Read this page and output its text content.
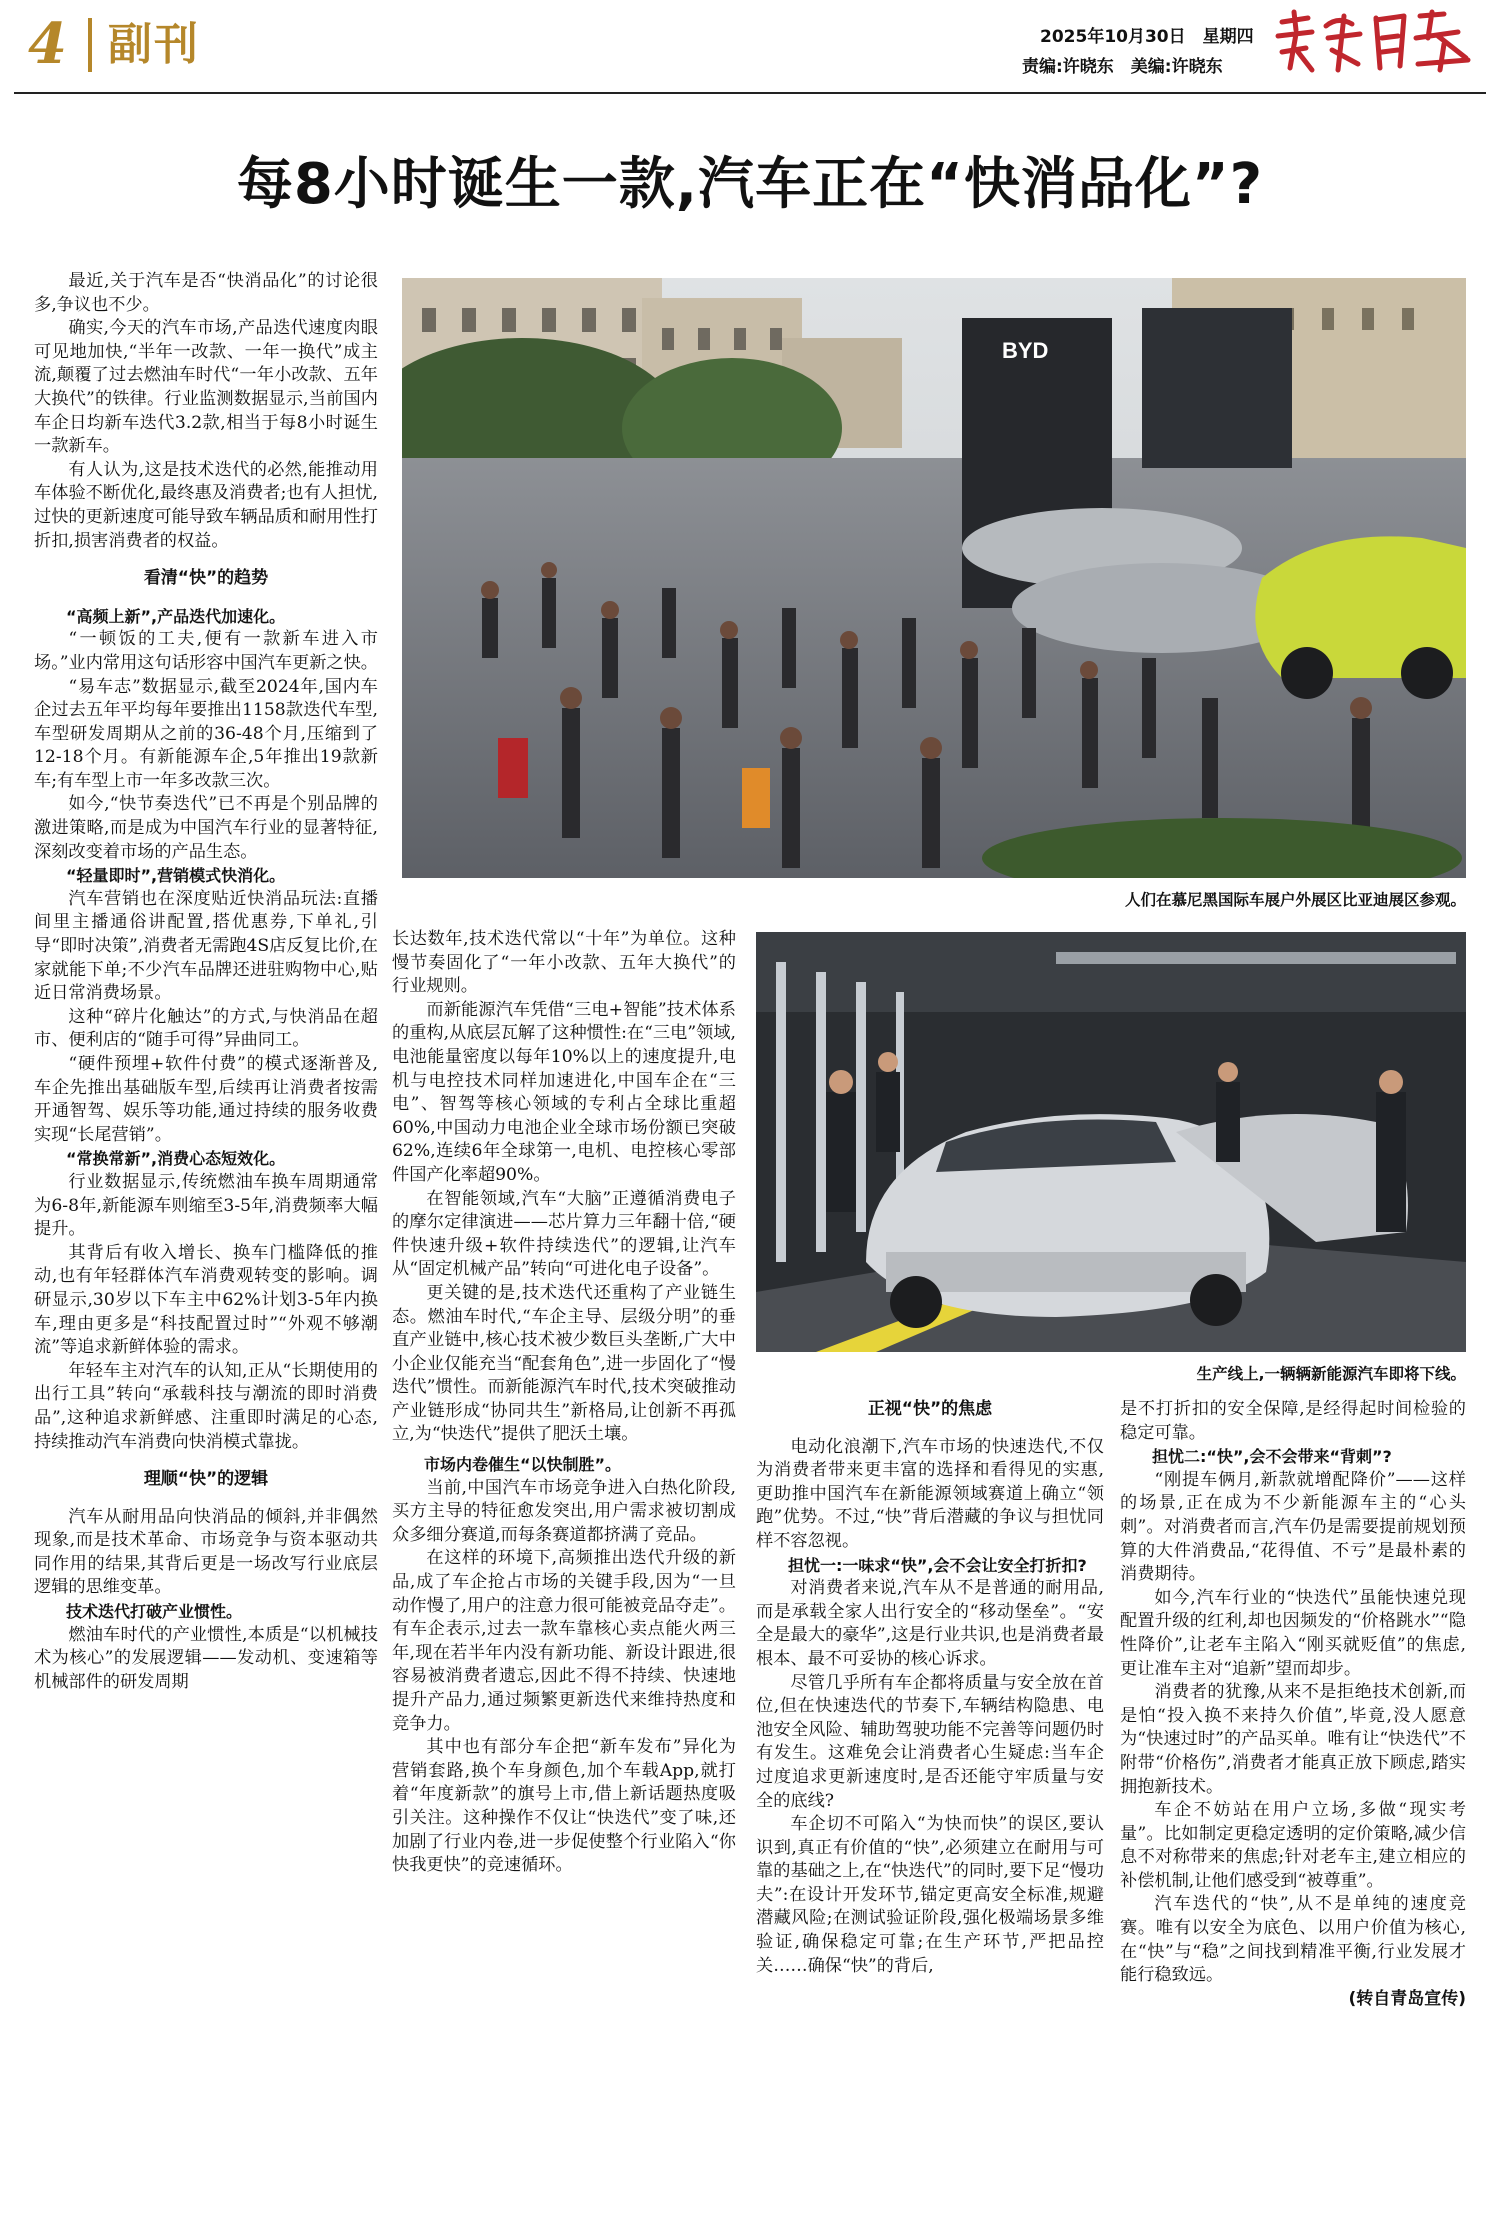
4 副刊	2025年10月30日　星期四
责编:许晓东　美编:许晓东
每8小时诞生一款,汽车正在“快消品化”?
BYD
人们在慕尼黑国际车展户外展区比亚迪展区参观。
生产线上,一辆辆新能源汽车即将下线。

最近,关于汽车是否“快消品化”的讨论很多,争议也不少。

确实,今天的汽车市场,产品迭代速度肉眼可见地加快,“半年一改款、一年一换代”成主流,颠覆了过去燃油车时代“一年小改款、五年大换代”的铁律。行业监测数据显示,当前国内车企日均新车迭代3.2款,相当于每8小时诞生一款新车。

有人认为,这是技术迭代的必然,能推动用车体验不断优化,最终惠及消费者;也有人担忧,过快的更新速度可能导致车辆品质和耐用性打折扣,损害消费者的权益。

看清“快”的趋势

“高频上新”,产品迭代加速化。

“一顿饭的工夫,便有一款新车进入市场。”业内常用这句话形容中国汽车更新之快。

“易车志”数据显示,截至2024年,国内车企过去五年平均每年要推出1158款迭代车型,车型研发周期从之前的36-48个月,压缩到了12-18个月。有新能源车企,5年推出19款新车;有车型上市一年多改款三次。

如今,“快节奏迭代”已不再是个别品牌的激进策略,而是成为中国汽车行业的显著特征,深刻改变着市场的产品生态。

“轻量即时”,营销模式快消化。

汽车营销也在深度贴近快消品玩法:直播间里主播通俗讲配置,搭优惠券,下单礼,引导“即时决策”,消费者无需跑4S店反复比价,在家就能下单;不少汽车品牌还进驻购物中心,贴近日常消费场景。

这种“碎片化触达”的方式,与快消品在超市、便利店的“随手可得”异曲同工。

“硬件预埋+软件付费”的模式逐渐普及,车企先推出基础版车型,后续再让消费者按需开通智驾、娱乐等功能,通过持续的服务收费实现“长尾营销”。

“常换常新”,消费心态短效化。

行业数据显示,传统燃油车换车周期通常为6-8年,新能源车则缩至3-5年,消费频率大幅提升。

其背后有收入增长、换车门槛降低的推动,也有年轻群体汽车消费观转变的影响。调研显示,30岁以下车主中62%计划3-5年内换车,理由更多是“科技配置过时”“外观不够潮流”等追求新鲜体验的需求。

年轻车主对汽车的认知,正从“长期使用的出行工具”转向“承载科技与潮流的即时消费品”,这种追求新鲜感、注重即时满足的心态,持续推动汽车消费向快消模式靠拢。

理顺“快”的逻辑

汽车从耐用品向快消品的倾斜,并非偶然现象,而是技术革命、市场竞争与资本驱动共同作用的结果,其背后更是一场改写行业底层逻辑的思维变革。

技术迭代打破产业惯性。

燃油车时代的产业惯性,本质是“以机械技术为核心”的发展逻辑——发动机、变速箱等机械部件的研发周期

长达数年,技术迭代常以“十年”为单位。这种慢节奏固化了“一年小改款、五年大换代”的行业规则。

而新能源汽车凭借“三电+智能”技术体系的重构,从底层瓦解了这种惯性:在“三电”领域,电池能量密度以每年10%以上的速度提升,电机与电控技术同样加速进化,中国车企在“三电”、智驾等核心领域的专利占全球比重超60%,中国动力电池企业全球市场份额已突破62%,连续6年全球第一,电机、电控核心零部件国产化率超90%。

在智能领域,汽车“大脑”正遵循消费电子的摩尔定律演进——芯片算力三年翻十倍,“硬件快速升级+软件持续迭代”的逻辑,让汽车从“固定机械产品”转向“可进化电子设备”。

更关键的是,技术迭代还重构了产业链生态。燃油车时代,“车企主导、层级分明”的垂直产业链中,核心技术被少数巨头垄断,广大中小企业仅能充当“配套角色”,进一步固化了“慢迭代”惯性。而新能源汽车时代,技术突破推动产业链形成“协同共生”新格局,让创新不再孤立,为“快迭代”提供了肥沃土壤。

市场内卷催生“以快制胜”。

当前,中国汽车市场竞争进入白热化阶段,买方主导的特征愈发突出,用户需求被切割成众多细分赛道,而每条赛道都挤满了竞品。

在这样的环境下,高频推出迭代升级的新品,成了车企抢占市场的关键手段,因为“一旦动作慢了,用户的注意力很可能被竞品夺走”。有车企表示,过去一款车靠核心卖点能火两三年,现在若半年内没有新功能、新设计跟进,很容易被消费者遗忘,因此不得不持续、快速地提升产品力,通过频繁更新迭代来维持热度和竞争力。

其中也有部分车企把“新车发布”异化为营销套路,换个车身颜色,加个车载App,就打着“年度新款”的旗号上市,借上新话题热度吸引关注。这种操作不仅让“快迭代”变了味,还加剧了行业内卷,进一步促使整个行业陷入“你快我更快”的竞速循环。

正视“快”的焦虑

电动化浪潮下,汽车市场的快速迭代,不仅为消费者带来更丰富的选择和看得见的实惠,更助推中国汽车在新能源领域赛道上确立“领跑”优势。不过,“快”背后潜藏的争议与担忧同样不容忽视。

担忧一:一味求“快”,会不会让安全打折扣?

对消费者来说,汽车从不是普通的耐用品,而是承载全家人出行安全的“移动堡垒”。“安全是最大的豪华”,这是行业共识,也是消费者最根本、最不可妥协的核心诉求。

尽管几乎所有车企都将质量与安全放在首位,但在快速迭代的节奏下,车辆结构隐患、电池安全风险、辅助驾驶功能不完善等问题仍时有发生。这难免会让消费者心生疑虑:当车企过度追求更新速度时,是否还能守牢质量与安全的底线?

车企切不可陷入“为快而快”的误区,要认识到,真正有价值的“快”,必须建立在耐用与可靠的基础之上,在“快迭代”的同时,要下足“慢功夫”:在设计开发环节,锚定更高安全标准,规避潜藏风险;在测试验证阶段,强化极端场景多维验证,确保稳定可靠;在生产环节,严把品控关……确保“快”的背后,

是不打折扣的安全保障,是经得起时间检验的稳定可靠。

担忧二:“快”,会不会带来“背刺”?

“刚提车俩月,新款就增配降价”——这样的场景,正在成为不少新能源车主的“心头刺”。对消费者而言,汽车仍是需要提前规划预算的大件消费品,“花得值、不亏”是最朴素的消费期待。

如今,汽车行业的“快迭代”虽能快速兑现配置升级的红利,却也因频发的“价格跳水”“隐性降价”,让老车主陷入“刚买就贬值”的焦虑,更让准车主对“追新”望而却步。

消费者的犹豫,从来不是拒绝技术创新,而是怕“投入换不来持久价值”,毕竟,没人愿意为“快速过时”的产品买单。唯有让“快迭代”不附带“价格伤”,消费者才能真正放下顾虑,踏实拥抱新技术。

车企不妨站在用户立场,多做“现实考量”。比如制定更稳定透明的定价策略,减少信息不对称带来的焦虑;针对老车主,建立相应的补偿机制,让他们感受到“被尊重”。

汽车迭代的“快”,从不是单纯的速度竞赛。唯有以安全为底色、以用户价值为核心,在“快”与“稳”之间找到精准平衡,行业发展才能行稳致远。

(转自青岛宣传)
